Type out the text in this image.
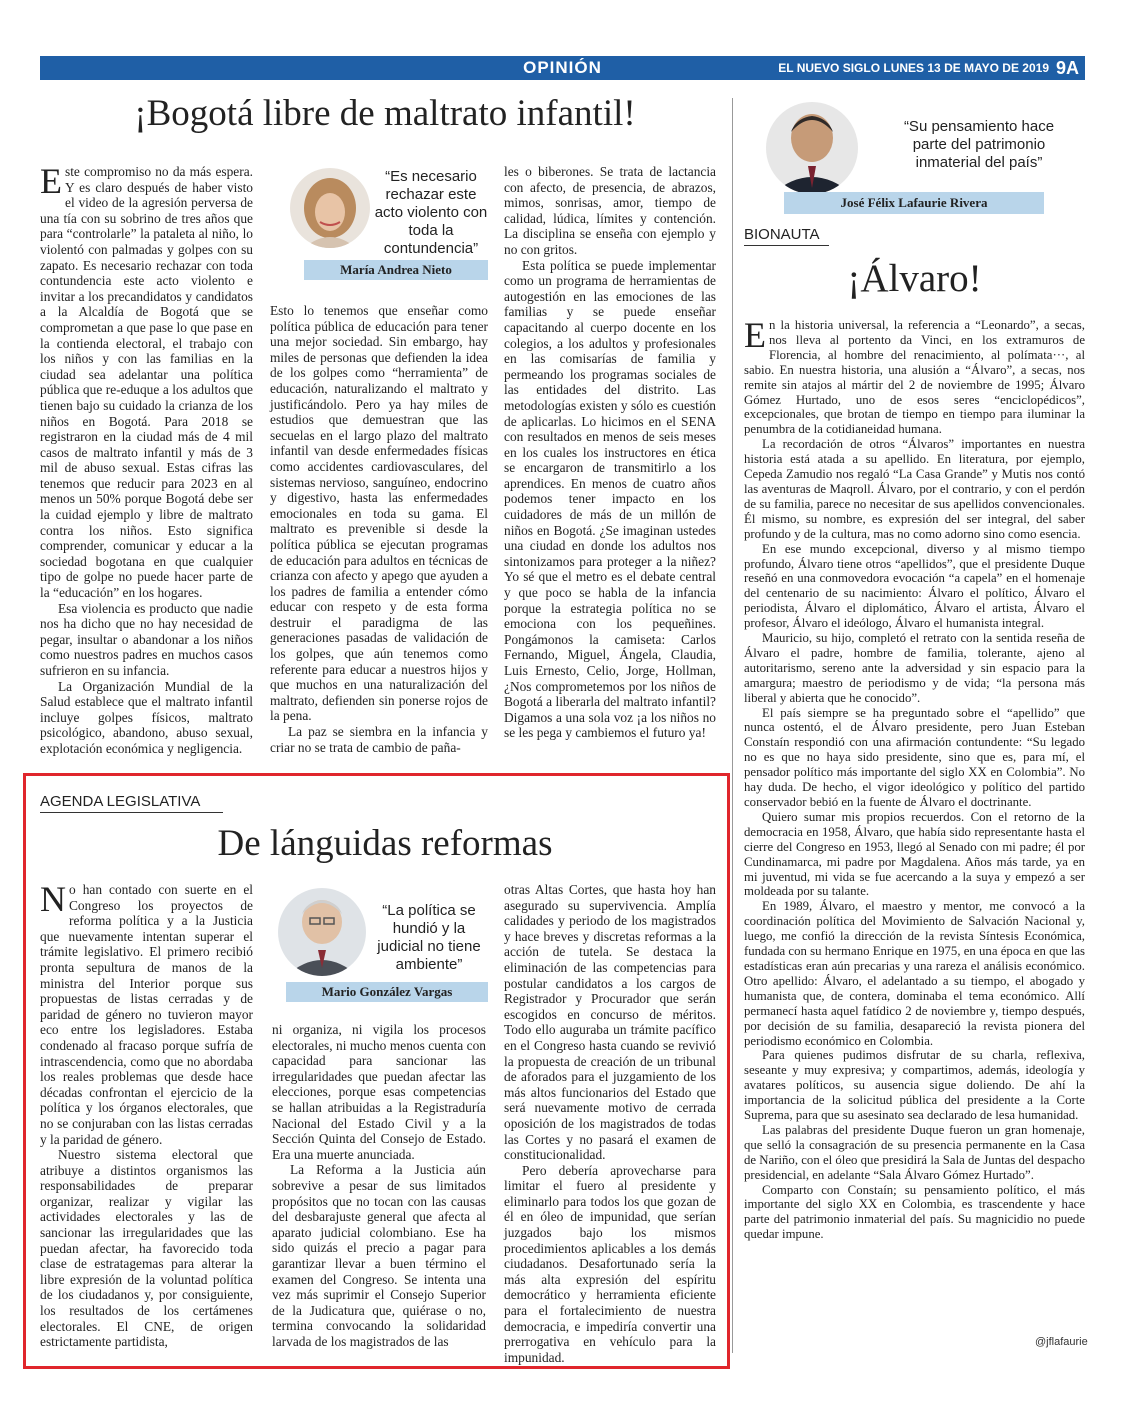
OPINIÓN	EL NUEVO SIGLO LUNES 13 DE MAYO DE 2019 9A
¡Bogotá libre de maltrato infantil!

Este compromiso no da más espera. Y es claro después de haber visto el video de la agresión perversa de una tía con su sobrino de tres años que para “controlarle” la pataleta al niño, lo violentó con palmadas y golpes con su zapato. Es necesario rechazar con toda contundencia este acto violento e invitar a los precandidatos y candidatos a la Alcaldía de Bogotá que se comprometan a que pase lo que pase en la contienda electoral, el trabajo con los niños y con las familias en la ciudad sea adelantar una política pública que re-eduque a los adultos que tienen bajo su cuidado la crianza de los niños en Bogotá. Para 2018 se registraron en la ciudad más de 4 mil casos de maltrato infantil y más de 3 mil de abuso sexual. Estas cifras las tenemos que reducir para 2023 en al menos un 50% porque Bogotá debe ser la cuidad ejemplo y libre de maltrato contra los niños. Esto significa comprender, comunicar y educar a la sociedad bogotana en que cualquier tipo de golpe no puede hacer parte de la “educación” en los hogares.

Esa violencia es producto que nadie nos ha dicho que no hay necesidad de pegar, insultar o abandonar a los niños como nuestros padres en muchos casos sufrieron en su infancia.

La Organización Mundial de la Salud establece que el maltrato infantil incluye golpes físicos, maltrato psicológico, abandono, abuso sexual, explotación económica y negligencia.

“Es necesario rechazar este acto violento con toda la contundencia”
María Andrea Nieto

Esto lo tenemos que enseñar como política pública de educación para tener una mejor sociedad. Sin embargo, hay miles de personas que defienden la idea de los golpes como “herramienta” de educación, naturalizando el maltrato y justificándolo. Pero ya hay miles de estudios que demuestran que las secuelas en el largo plazo del maltrato infantil van desde enfermedades físicas como accidentes cardiovasculares, del sistemas nervioso, sanguíneo, endocrino y digestivo, hasta las enfermedades emocionales en toda su gama. El maltrato es prevenible si desde la política pública se ejecutan programas de educación para adultos en técnicas de crianza con afecto y apego que ayuden a los padres de familia a entender cómo educar con respeto y de esta forma destruir el paradigma de las generaciones pasadas de validación de los golpes, que aún tenemos como referente para educar a nuestros hijos y que muchos en una naturalización del maltrato, defienden sin ponerse rojos de la pena.

La paz se siembra en la infancia y criar no se trata de cambio de paña-

les o biberones. Se trata de lactancia con afecto, de presencia, de abrazos, mimos, sonrisas, amor, tiempo de calidad, lúdica, límites y contención. La disciplina se enseña con ejemplo y no con gritos.

Esta política se puede implementar como un programa de herramientas de autogestión en las emociones de las familias y se puede enseñar capacitando al cuerpo docente en los colegios, a los adultos y profesionales en las comisarías de familia y permeando los programas sociales de las entidades del distrito. Las metodologías existen y sólo es cuestión de aplicarlas. Lo hicimos en el SENA con resultados en menos de seis meses en los cuales los instructores en ética se encargaron de transmitirlo a los aprendices. En menos de cuatro años podemos tener impacto en los cuidadores de más de un millón de niños en Bogotá. ¿Se imaginan ustedes una ciudad en donde los adultos nos sintonizamos para proteger a la niñez? Yo sé que el metro es el debate central y que poco se habla de la infancia porque la estrategia política no se emociona con los pequeñines. Pongámonos la camiseta: Carlos Fernando, Miguel, Ángela, Claudia, Luis Ernesto, Celio, Jorge, Hollman, ¿Nos comprometemos por los niños de Bogotá a liberarla del maltrato infantil? Digamos a una sola voz ¡a los niños no se les pega y cambiemos el futuro ya!

AGENDA LEGISLATIVA
De lánguidas reformas

No han contado con suerte en el Congreso los proyectos de reforma política y a la Justicia que nuevamente intentan superar el trámite legislativo. El primero recibió pronta sepultura de manos de la ministra del Interior porque sus propuestas de listas cerradas y de paridad de género no tuvieron mayor eco entre los legisladores. Estaba condenado al fracaso porque sufría de intrascendencia, como que no abordaba los reales problemas que desde hace décadas confrontan el ejercicio de la política y los órganos electorales, que no se conjuraban con las listas cerradas y la paridad de género.

Nuestro sistema electoral que atribuye a distintos organismos las responsabilidades de preparar organizar, realizar y vigilar las actividades electorales y las de sancionar las irregularidades que las puedan afectar, ha favorecido toda clase de estratagemas para alterar la libre expresión de la voluntad política de los ciudadanos y, por consiguiente, los resultados de los certámenes electorales. El CNE, de origen estrictamente partidista,

“La política se hundió y la judicial no tiene ambiente”
Mario González Vargas

ni organiza, ni vigila los procesos electorales, ni mucho menos cuenta con capacidad para sancionar las irregularidades que puedan afectar las elecciones, porque esas competencias se hallan atribuidas a la Registraduría Nacional del Estado Civil y a la Sección Quinta del Consejo de Estado. Era una muerte anunciada.

La Reforma a la Justicia aún sobrevive a pesar de sus limitados propósitos que no tocan con las causas del desbarajuste general que afecta al aparato judicial colombiano. Ese ha sido quizás el precio a pagar para garantizar llevar a buen término el examen del Congreso. Se intenta una vez más suprimir el Consejo Superior de la Judicatura que, quiérase o no, termina convocando la solidaridad larvada de los magistrados de las

otras Altas Cortes, que hasta hoy han asegurado su supervivencia. Amplía calidades y periodo de los magistrados y hace breves y discretas reformas a la acción de tutela. Se destaca la eliminación de las competencias para postular candidatos a los cargos de Registrador y Procurador que serán escogidos en concurso de méritos. Todo ello auguraba un trámite pacífico en el Congreso hasta cuando se revivió la propuesta de creación de un tribunal de aforados para el juzgamiento de los más altos funcionarios del Estado que será nuevamente motivo de cerrada oposición de los magistrados de todas las Cortes y no pasará el examen de constitucionalidad.

Pero debería aprovecharse para limitar el fuero al presidente y eliminarlo para todos los que gozan de él en óleo de impunidad, que serían juzgados bajo los mismos procedimientos aplicables a los demás ciudadanos. Desafortunado sería la más alta expresión del espíritu democrático y herramienta eficiente para el fortalecimiento de nuestra democracia, e impediría convertir una prerrogativa en vehículo para la impunidad.

“Su pensamiento hace parte del patrimonio inmaterial del país”
José Félix Lafaurie Rivera
BIONAUTA
¡Álvaro!

En la historia universal, la referencia a “Leonardo”, a secas, nos lleva al portento da Vinci, en los extramuros de Florencia, al hombre del renacimiento, al polímata···, al sabio. En nuestra historia, una alusión a “Álvaro”, a secas, nos remite sin atajos al mártir del 2 de noviembre de 1995; Álvaro Gómez Hurtado, uno de esos seres “enciclopédicos”, excepcionales, que brotan de tiempo en tiempo para iluminar la penumbra de la cotidianeidad humana.

La recordación de otros “Álvaros” importantes en nuestra historia está atada a su apellido. En literatura, por ejemplo, Cepeda Zamudio nos regaló “La Casa Grande” y Mutis nos contó las aventuras de Maqroll. Álvaro, por el contrario, y con el perdón de su familia, parece no necesitar de sus apellidos convencionales. Él mismo, su nombre, es expresión del ser integral, del saber profundo y de la cultura, mas no como adorno sino como esencia.

En ese mundo excepcional, diverso y al mismo tiempo profundo, Álvaro tiene otros “apellidos”, que el presidente Duque reseñó en una conmovedora evocación “a capela” en el homenaje del centenario de su nacimiento: Álvaro el político, Álvaro el periodista, Álvaro el diplomático, Álvaro el artista, Álvaro el profesor, Álvaro el ideólogo, Álvaro el humanista integral.

Mauricio, su hijo, completó el retrato con la sentida reseña de Álvaro el padre, hombre de familia, tolerante, ajeno al autoritarismo, sereno ante la adversidad y sin espacio para la amargura; maestro de periodismo y de vida; “la persona más liberal y abierta que he conocido”.

El país siempre se ha preguntado sobre el “apellido” que nunca ostentó, el de Álvaro presidente, pero Juan Esteban Constaín respondió con una afirmación contundente: “Su legado no es que no haya sido presidente, sino que es, para mí, el pensador político más importante del siglo XX en Colombia”. No hay duda. De hecho, el vigor ideológico y político del partido conservador bebió en la fuente de Álvaro el doctrinante.

Quiero sumar mis propios recuerdos. Con el retorno de la democracia en 1958, Álvaro, que había sido representante hasta el cierre del Congreso en 1953, llegó al Senado con mi padre; él por Cundinamarca, mi padre por Magdalena. Años más tarde, ya en mi juventud, mi vida se fue acercando a la suya y empezó a ser moldeada por su talante.

En 1989, Álvaro, el maestro y mentor, me convocó a la coordinación política del Movimiento de Salvación Nacional y, luego, me confió la dirección de la revista Síntesis Económica, fundada con su hermano Enrique en 1975, en una época en que las estadísticas eran aún precarias y una rareza el análisis económico. Otro apellido: Álvaro, el adelantado a su tiempo, el abogado y humanista que, de contera, dominaba el tema económico. Allí permanecí hasta aquel fatídico 2 de noviembre y, tiempo después, por decisión de su familia, desapareció la revista pionera del periodismo económico en Colombia.

Para quienes pudimos disfrutar de su charla, reflexiva, seseante y muy expresiva; y compartimos, además, ideología y avatares políticos, su ausencia sigue doliendo. De ahí la importancia de la solicitud pública del presidente a la Corte Suprema, para que su asesinato sea declarado de lesa humanidad.

Las palabras del presidente Duque fueron un gran homenaje, que selló la consagración de su presencia permanente en la Casa de Nariño, con el óleo que presidirá la Sala de Juntas del despacho presidencial, en adelante “Sala Álvaro Gómez Hurtado”.

Comparto con Constaín; su pensamiento político, el más importante del siglo XX en Colombia, es trascendente y hace parte del patrimonio inmaterial del país. Su magnicidio no puede quedar impune.

@jflafaurie
